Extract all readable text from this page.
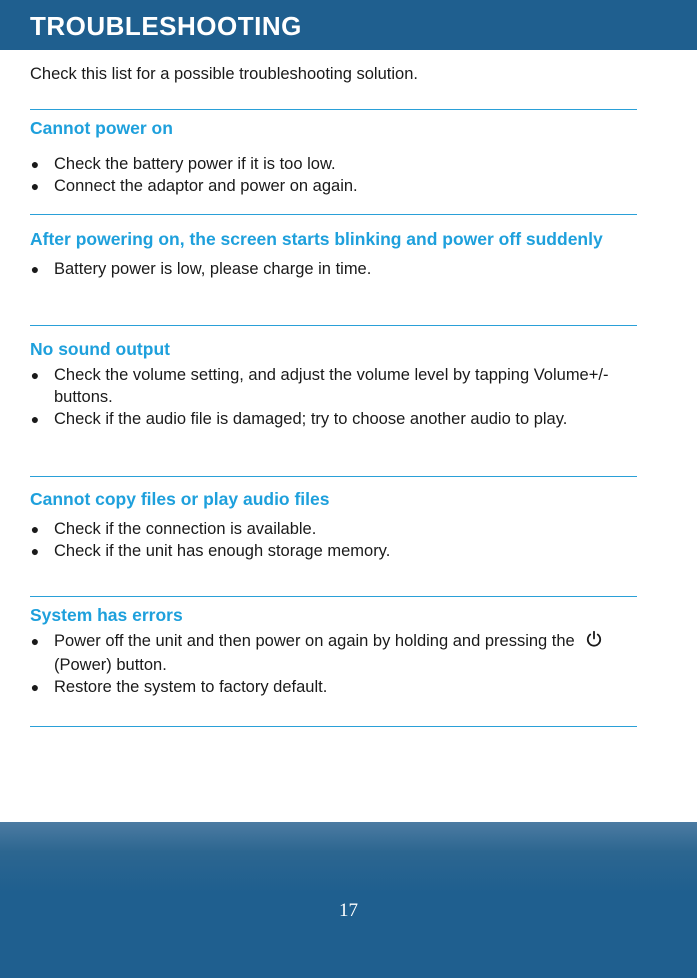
TROUBLESHOOTING

Check this list for a possible troubleshooting solution.

Cannot power on
● Check the battery power if it is too low.
● Connect the adaptor and power on again.
After powering on, the screen starts blinking and power off suddenly
● Battery power is low, please charge in time.
No sound output
● Check the volume setting, and adjust the volume level by tapping Volume+/- buttons.
● Check if the audio file is damaged; try to choose another audio to play.
Cannot copy files or play audio files
● Check if the connection is available.
● Check if the unit has enough storage memory.
System has errors
● Power off the unit and then power on again by holding and pressing the  (Power) button.
● Restore the system to factory default.
17
